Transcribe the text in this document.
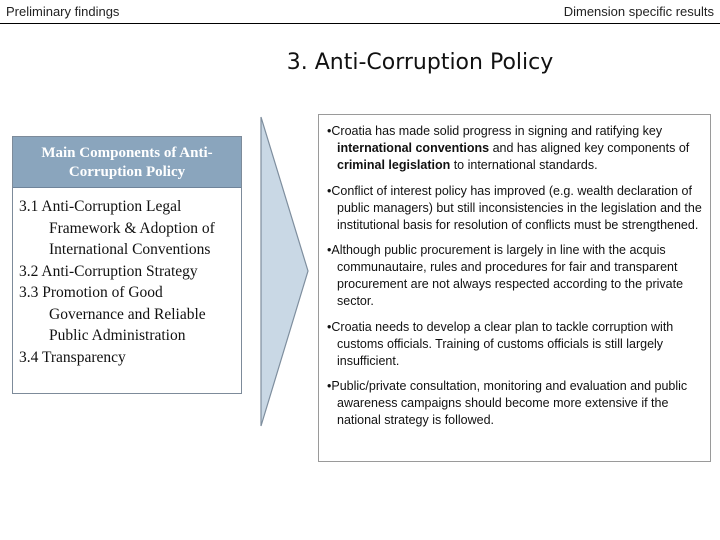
Preliminary findings	Dimension specific results
3. Anti-Corruption Policy
Main Components of Anti-Corruption Policy
3.1 Anti-Corruption Legal Framework & Adoption of International Conventions
3.2 Anti-Corruption Strategy
3.3 Promotion of Good Governance and Reliable Public Administration
3.4 Transparency
•Croatia has made solid progress in signing and ratifying key international conventions and has aligned key components of criminal legislation to international standards.
•Conflict of interest policy has improved (e.g. wealth declaration of public managers) but still inconsistencies in the legislation and the institutional basis for resolution of conflicts must be strengthened.
•Although public procurement is largely in line with the acquis communautaire, rules and procedures for fair and transparent procurement are not always respected according to the private sector.
•Croatia needs to develop a clear plan to tackle corruption with customs officials. Training of customs officials is still largely insufficient.
•Public/private consultation, monitoring and evaluation and public awareness campaigns should become more extensive if the national strategy is followed.
